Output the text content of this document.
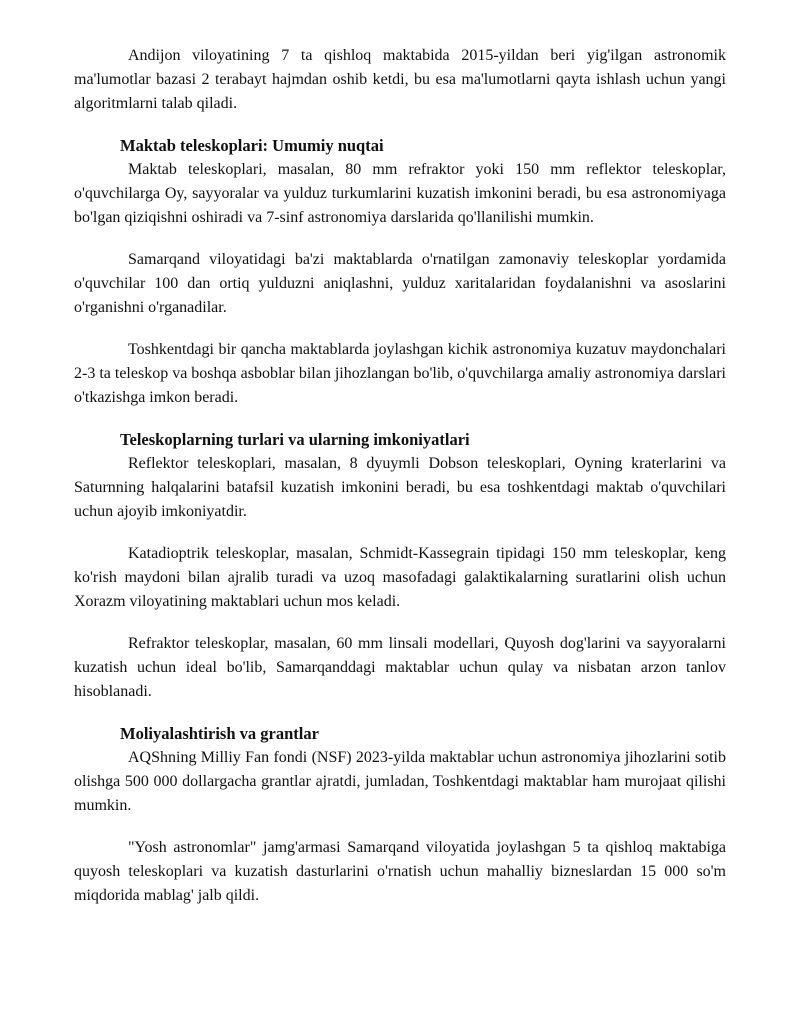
Andijon viloyatining 7 ta qishloq maktabida 2015-yildan beri yig'ilgan astronomik ma'lumotlar bazasi 2 terabayt hajmdan oshib ketdi, bu esa ma'lumotlarni qayta ishlash uchun yangi algoritmlarni talab qiladi.

Maktab teleskoplari: Umumiy nuqtai

Maktab teleskoplari, masalan, 80 mm refraktor yoki 150 mm reflektor teleskoplar, o'quvchilarga Oy, sayyoralar va yulduz turkumlarini kuzatish imkonini beradi, bu esa astronomiyaga bo'lgan qiziqishni oshiradi va 7-sinf astronomiya darslarida qo'llanilishi mumkin.

Samarqand viloyatidagi ba'zi maktablarda o'rnatilgan zamonaviy teleskoplar yordamida o'quvchilar 100 dan ortiq yulduzni aniqlashni, yulduz xaritalaridan foydalanishni va asoslarini o'rganishni o'rganadilar.

Toshkentdagi bir qancha maktablarda joylashgan kichik astronomiya kuzatuv maydonchalari 2-3 ta teleskop va boshqa asboblar bilan jihozlangan bo'lib, o'quvchilarga amaliy astronomiya darslari o'tkazishga imkon beradi.

Teleskoplarning turlari va ularning imkoniyatlari

Reflektor teleskoplari, masalan, 8 dyuymli Dobson teleskoplari, Oyning kraterlarini va Saturnning halqalarini batafsil kuzatish imkonini beradi, bu esa toshkentdagi maktab o'quvchilari uchun ajoyib imkoniyatdir.

Katadioptrik teleskoplar, masalan, Schmidt-Kassegrain tipidagi 150 mm teleskoplar, keng ko'rish maydoni bilan ajralib turadi va uzoq masofadagi galaktikalarning suratlarini olish uchun Xorazm viloyatining maktablari uchun mos keladi.

Refraktor teleskoplar, masalan, 60 mm linsali modellari, Quyosh dog'larini va sayyoralarni kuzatish uchun ideal bo'lib, Samarqanddagi maktablar uchun qulay va nisbatan arzon tanlov hisoblanadi.

Moliyalashtirish va grantlar

AQShning Milliy Fan fondi (NSF) 2023-yilda maktablar uchun astronomiya jihozlarini sotib olishga 500 000 dollargacha grantlar ajratdi, jumladan, Toshkentdagi maktablar ham murojaat qilishi mumkin.

"Yosh astronomlar" jamg'armasi Samarqand viloyatida joylashgan 5 ta qishloq maktabiga quyosh teleskoplari va kuzatish dasturlarini o'rnatish uchun mahalliy bizneslardan 15 000 so'm miqdorida mablag' jalb qildi.
